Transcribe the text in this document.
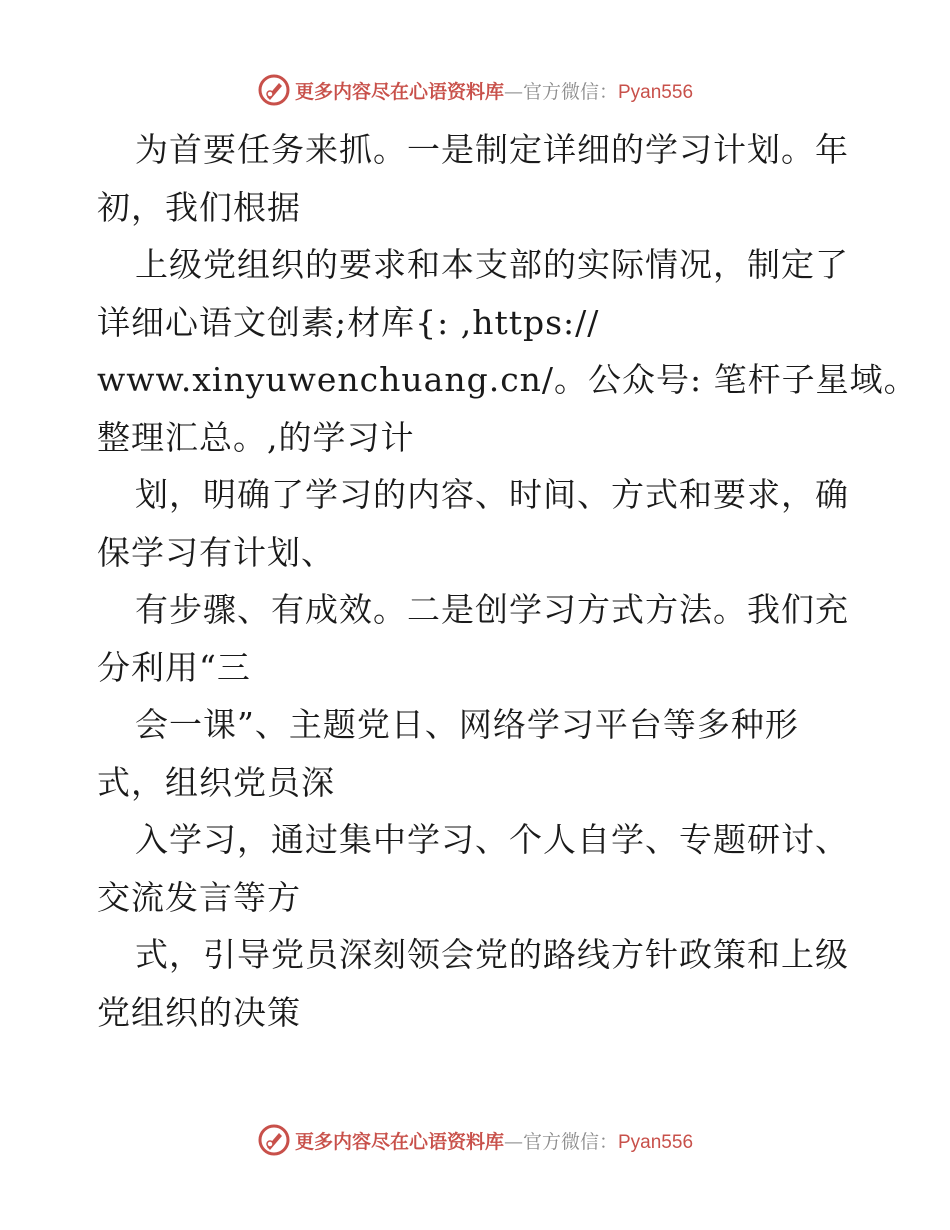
更多内容尽在心语资料库—官方微信：Pyan556
为首要任务来抓。一是制定详细的学习计划。年
初，我们根据
上级党组织的要求和本支部的实际情况，制定了
详细心语文创素;材库{: ,https://
www.xinyuwenchuang.cn/。公众号: 笔杆子星域。
整理汇总。,的学习计
划，明确了学习的内容、时间、方式和要求，确
保学习有计划、
有步骤、有成效。二是创学习方式方法。我们充
分利用“三
会一课”、主题党日、网络学习平台等多种形
式，组织党员深
入学习，通过集中学习、个人自学、专题研讨、
交流发言等方
式，引导党员深刻领会党的路线方针政策和上级
党组织的决策
更多内容尽在心语资料库—官方微信：Pyan556
